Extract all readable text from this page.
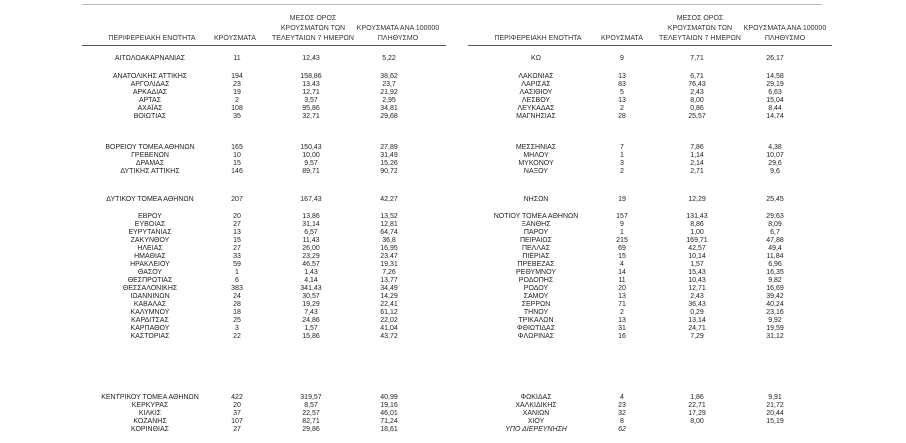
ΠΕΡΙΦΕΡΕΙΑΚΗ ΕΝΟΤΗΤΑ	ΚΡΟΥΣΜΑΤΑ
ΜΕΣΟΣ ΟΡΟΣ
ΚΡΟΥΣΜΑΤΩΝ ΤΩΝ
ΤΕΛΕΥΤΑΙΩΝ 7 ΗΜΕΡΩΝ
ΚΡΟΥΣΜΑΤΑ ΑΝΑ 100000
ΠΛΗΘΥΣΜΟ	ΠΕΡΙΦΕΡΕΙΑΚΗ ΕΝΟΤΗΤΑ	ΚΡΟΥΣΜΑΤΑ
ΜΕΣΟΣ ΟΡΟΣ
ΚΡΟΥΣΜΑΤΩΝ ΤΩΝ
ΤΕΛΕΥΤΑΙΩΝ 7 ΗΜΕΡΩΝ
ΚΡΟΥΣΜΑΤΑ ΑΝΑ 100000
ΠΛΗΘΥΣΜΟ
ΑΙΤΩΛΟΑΚΑΡΝΑΝΙΑΣ	11	12,43	5,22
ΑΝΑΤΟΛΙΚΗΣ ΑΤΤΙΚΗΣ	194	158,86	38,62
ΑΡΓΟΛΙΔΑΣ	23	13,43	23,7
ΑΡΚΑΔΙΑΣ	19	12,71	21,92
ΑΡΤΑΣ	2	3,57	2,95
ΑΧΑΪΑΣ	108	95,86	34,81
ΒΟΙΩΤΙΑΣ	35	32,71	29,68
ΒΟΡΕΙΟΥ ΤΟΜΕΑ ΑΘΗΝΩΝ	165	150,43	27,89
ΓΡΕΒΕΝΩΝ	10	10,00	31,49
ΔΡΑΜΑΣ	15	9,57	15,26
ΔΥΤΙΚΗΣ ΑΤΤΙΚΗΣ	146	89,71	90,72
ΔΥΤΙΚΟΥ ΤΟΜΕΑ ΑΘΗΝΩΝ	207	167,43	42,27
ΕΒΡΟΥ	20	13,86	13,52
ΕΥΒΟΙΑΣ	27	31,14	12,81
ΕΥΡΥΤΑΝΙΑΣ	13	6,57	64,74
ΖΑΚΥΝΘΟΥ	15	11,43	36,8
ΗΛΕΙΑΣ	27	26,00	16,95
ΗΜΑΘΙΑΣ	33	23,29	23,47
ΗΡΑΚΛΕΙΟΥ	59	46,57	19,31
ΘΑΣΟΥ	1	1,43	7,26
ΘΕΣΠΡΩΤΙΑΣ	6	4,14	13,77
ΘΕΣΣΑΛΟΝΙΚΗΣ	383	341,43	34,49
ΙΩΑΝΝΙΝΩΝ	24	30,57	14,29
ΚΑΒΑΛΑΣ	28	19,29	22,41
ΚΑΛΥΜΝΟΥ	18	7,43	61,12
ΚΑΡΔΙΤΣΑΣ	25	24,86	22,02
ΚΑΡΠΑΘΟΥ	3	1,57	41,04
ΚΑΣΤΟΡΙΑΣ	22	15,86	43,72
ΚΕΝΤΡΙΚΟΥ ΤΟΜΕΑ ΑΘΗΝΩΝ	422	319,57	40,99
ΚΕΡΚΥΡΑΣ	20	8,57	19,16
ΚΙΛΚΙΣ	37	22,57	46,01
ΚΟΖΑΝΗΣ	107	82,71	71,24
ΚΟΡΙΝΘΙΑΣ	27	29,86	18,61
ΚΩ	9	7,71	26,17
ΛΑΚΩΝΙΑΣ	13	6,71	14,58
ΛΑΡΙΣΑΣ	83	76,43	29,19
ΛΑΣΙΘΙΟΥ	5	2,43	6,63
ΛΕΣΒΟΥ	13	8,00	15,04
ΛΕΥΚΑΔΑΣ	2	0,86	8,44
ΜΑΓΝΗΣΙΑΣ	28	25,57	14,74
ΜΕΣΣΗΝΙΑΣ	7	7,86	4,38
ΜΗΛΟΥ	1	1,14	10,07
ΜΥΚΟΝΟΥ	3	2,14	29,6
ΝΑΞΟΥ	2	2,71	9,6
ΝΗΣΩΝ	19	12,29	25,45
ΝΟΤΙΟΥ ΤΟΜΕΑ ΑΘΗΝΩΝ	157	131,43	29,63
ΞΑΝΘΗΣ	9	8,86	8,09
ΠΑΡΟΥ	1	1,00	6,7
ΠΕΙΡΑΙΩΣ	215	169,71	47,88
ΠΕΛΛΑΣ	69	42,57	49,4
ΠΙΕΡΙΑΣ	15	10,14	11,84
ΠΡΕΒΕΖΑΣ	4	1,57	6,96
ΡΕΘΥΜΝΟΥ	14	15,43	16,35
ΡΟΔΟΠΗΣ	11	10,43	9,82
ΡΟΔΟΥ	20	12,71	16,69
ΣΑΜΟΥ	13	2,43	39,42
ΣΕΡΡΩΝ	71	36,43	40,24
ΤΗΝΟΥ	2	0,29	23,16
ΤΡΙΚΑΛΩΝ	13	13,14	9,92
ΦΘΙΩΤΙΔΑΣ	31	24,71	19,59
ΦΛΩΡΙΝΑΣ	16	7,29	31,12
ΦΩΚΙΔΑΣ	4	1,86	9,91
ΧΑΛΚΙΔΙΚΗΣ	23	22,71	21,72
ΧΑΝΙΩΝ	32	17,29	20,44
ΧΙΟΥ	8	8,00	15,19
ΥΠΟ ΔΙΕΡΕΥΝΗΣΗ	62
